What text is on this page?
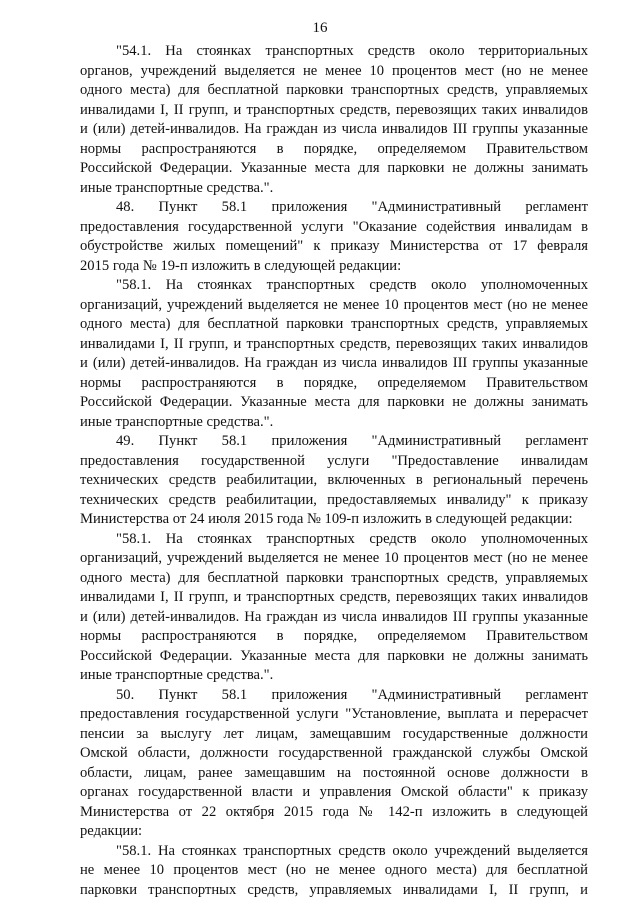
16
"54.1. На стоянках транспортных средств около территориальных
органов, учреждений выделяется не менее 10 процентов мест (но не менее
одного места) для бесплатной парковки транспортных средств, управляемых
инвалидами I, II групп, и транспортных средств, перевозящих таких инвалидов
и (или) детей-инвалидов. На граждан из числа инвалидов III группы указанные
нормы распространяются в порядке, определяемом Правительством
Российской Федерации. Указанные места для парковки не должны занимать
иные транспортные средства.".
48. Пункт 58.1 приложения "Административный регламент
предоставления государственной услуги "Оказание содействия инвалидам в
обустройстве жилых помещений" к приказу Министерства от 17 февраля
2015 года № 19-п изложить в следующей редакции:
"58.1. На стоянках транспортных средств около уполномоченных
организаций, учреждений выделяется не менее 10 процентов мест (но не менее
одного места) для бесплатной парковки транспортных средств, управляемых
инвалидами I, II групп, и транспортных средств, перевозящих таких инвалидов
и (или) детей-инвалидов. На граждан из числа инвалидов III группы указанные
нормы распространяются в порядке, определяемом Правительством
Российской Федерации. Указанные места для парковки не должны занимать
иные транспортные средства.".
49. Пункт 58.1 приложения "Административный регламент
предоставления государственной услуги "Предоставление инвалидам
технических средств реабилитации, включенных в региональный перечень
технических средств реабилитации, предоставляемых инвалиду" к приказу
Министерства от 24 июля 2015 года № 109-п изложить в следующей редакции:
"58.1. На стоянках транспортных средств около уполномоченных
организаций, учреждений выделяется не менее 10 процентов мест (но не менее
одного места) для бесплатной парковки транспортных средств, управляемых
инвалидами I, II групп, и транспортных средств, перевозящих таких инвалидов
и (или) детей-инвалидов. На граждан из числа инвалидов III группы указанные
нормы распространяются в порядке, определяемом Правительством
Российской Федерации. Указанные места для парковки не должны занимать
иные транспортные средства.".
50. Пункт 58.1 приложения "Административный регламент
предоставления государственной услуги "Установление, выплата и перерасчет
пенсии за выслугу лет лицам, замещавшим государственные должности
Омской области, должности государственной гражданской службы Омской
области, лицам, ранее замещавшим на постоянной основе должности в
органах государственной власти и управления Омской области" к приказу
Министерства от 22 октября 2015 года № 142-п изложить в следующей
редакции:
"58.1. На стоянках транспортных средств около учреждений выделяется
не менее 10 процентов мест (но не менее одного места) для бесплатной
парковки транспортных средств, управляемых инвалидами I, II групп, и
